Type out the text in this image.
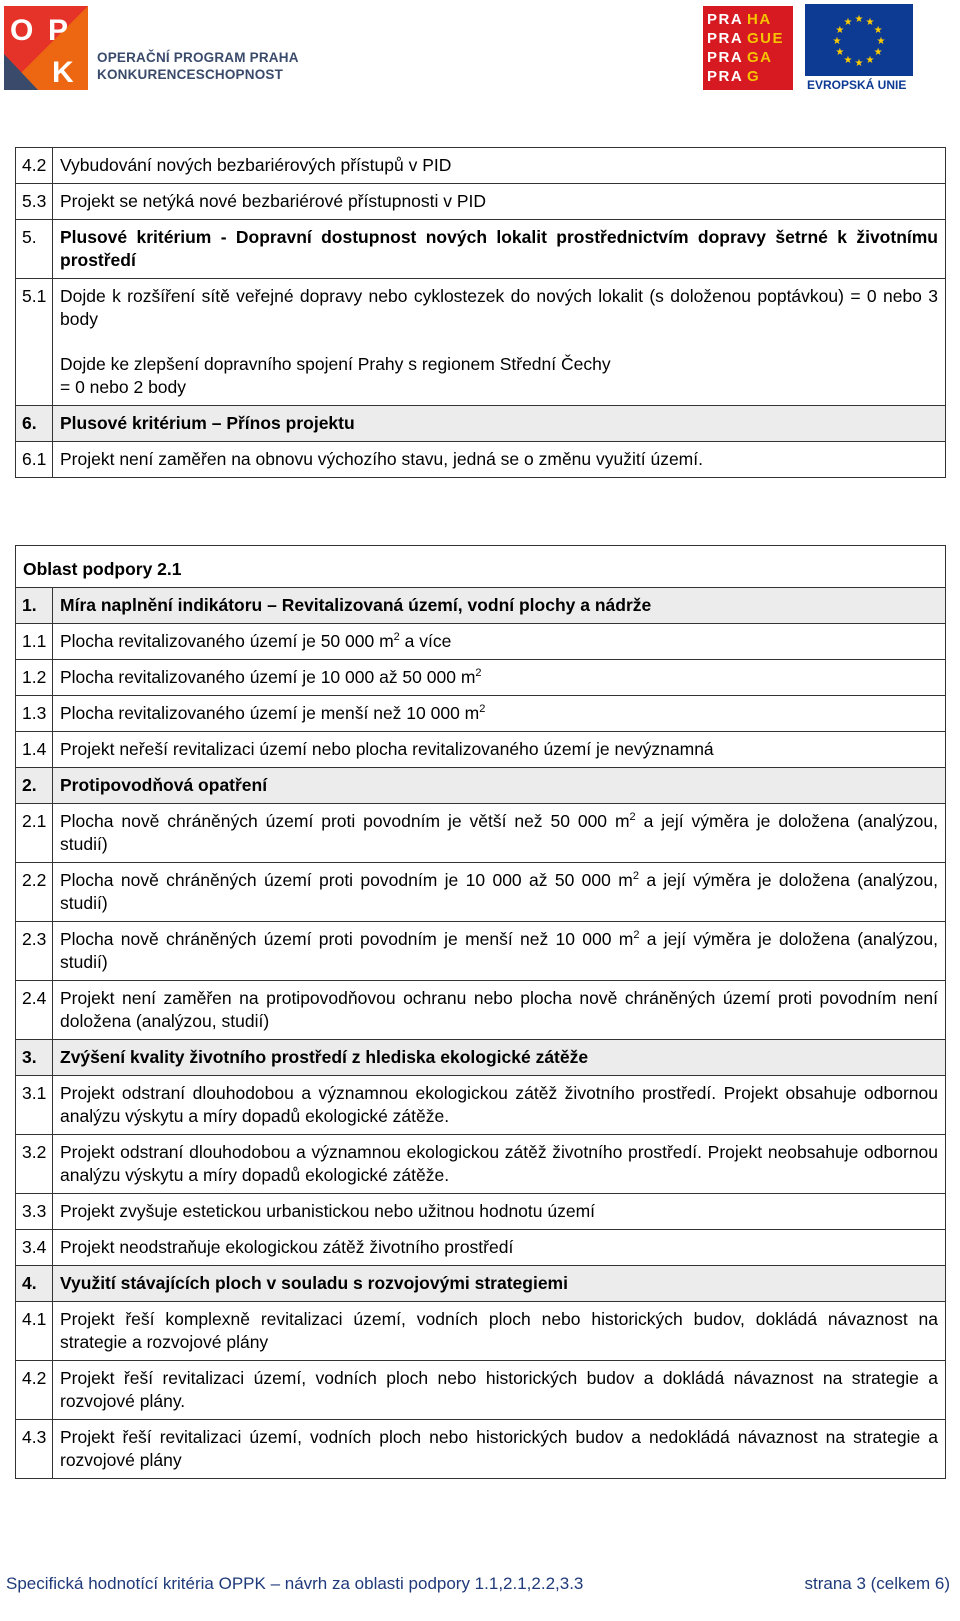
O P
K OPERAČNÍ PROGRAM PRAHA
KONKURENCESCHOPNOST
PRA HA
PRA GUE
PRA GA
PRA G
★
★
★
★
★
★
★
★
★ ★ ★
★
EVROPSKÁ UNIE
4.2	Vybudování nových bezbariérových přístupů v PID
5.3	Projekt se netýká nové bezbariérové přístupnosti v PID
5.	Plusové kritérium - Dopravní dostupnost nových lokalit prostřednictvím dopravy šetrné k životnímu prostředí
5.1	Dojde k rozšíření sítě veřejné dopravy nebo cyklostezek do nových lokalit (s doloženou poptávkou) = 0 nebo 3 body
Dojde ke zlepšení dopravního spojení Prahy s regionem Střední Čechy
= 0 nebo 2 body

6.	Plusové kritérium – Přínos projektu
6.1	Projekt není zaměřen na obnovu výchozího stavu, jedná se o změnu využití území.
Oblast podpory 2.1	
1.	Míra naplnění indikátoru – Revitalizovaná území, vodní plochy a nádrže
1.1	Plocha revitalizovaného území je 50 000 $m^2$ a více
1.2	Plocha revitalizovaného území je 10 000 až 50 000 $m^2$
1.3	Plocha revitalizovaného území je menší než 10 000 $m^2$
1.4	Projekt neřeší revitalizaci území nebo plocha revitalizovaného území je nevýznamná
2.	Protipovodňová opatření
2.1	Plocha nově chráněných území proti povodním je větší než 50 000 $m^2$ a její výměra je doložena (analýzou, studií)
2.2	Plocha nově chráněných území proti povodním je 10 000 až 50 000 $m^2$ a její výměra je doložena (analýzou, studií)
2.3	Plocha nově chráněných území proti povodním je menší než 10 000 $m^2$ a její výměra je doložena (analýzou, studií)
2.4	Projekt není zaměřen na protipovodňovou ochranu nebo plocha nově chráněných území proti povodním není doložena (analýzou, studií)
3.	Zvýšení kvality životního prostředí z hlediska ekologické zátěže
3.1	Projekt odstraní dlouhodobou a významnou ekologickou zátěž životního prostředí. Projekt obsahuje odbornou analýzu výskytu a míry dopadů ekologické zátěže.
3.2	Projekt odstraní dlouhodobou a významnou ekologickou zátěž životního prostředí. Projekt neobsahuje odbornou analýzu výskytu a míry dopadů ekologické zátěže.
3.3	Projekt zvyšuje estetickou urbanistickou nebo užitnou hodnotu území
3.4	Projekt neodstraňuje ekologickou zátěž životního prostředí
4.	Využití stávajících ploch v souladu s rozvojovými strategiemi
4.1	Projekt řeší komplexně revitalizaci území, vodních ploch nebo historických budov, dokládá návaznost na strategie a rozvojové plány
4.2	Projekt řeší revitalizaci území, vodních ploch nebo historických budov a dokládá návaznost na strategie a rozvojové plány.
4.3	Projekt řeší revitalizaci území, vodních ploch nebo historických budov a nedokládá návaznost na strategie a rozvojové plány
Specifická hodnotící kritéria OPPK – návrh za oblasti podpory 1.1,2.1,2.2,3.3	strana 3 (celkem 6)
